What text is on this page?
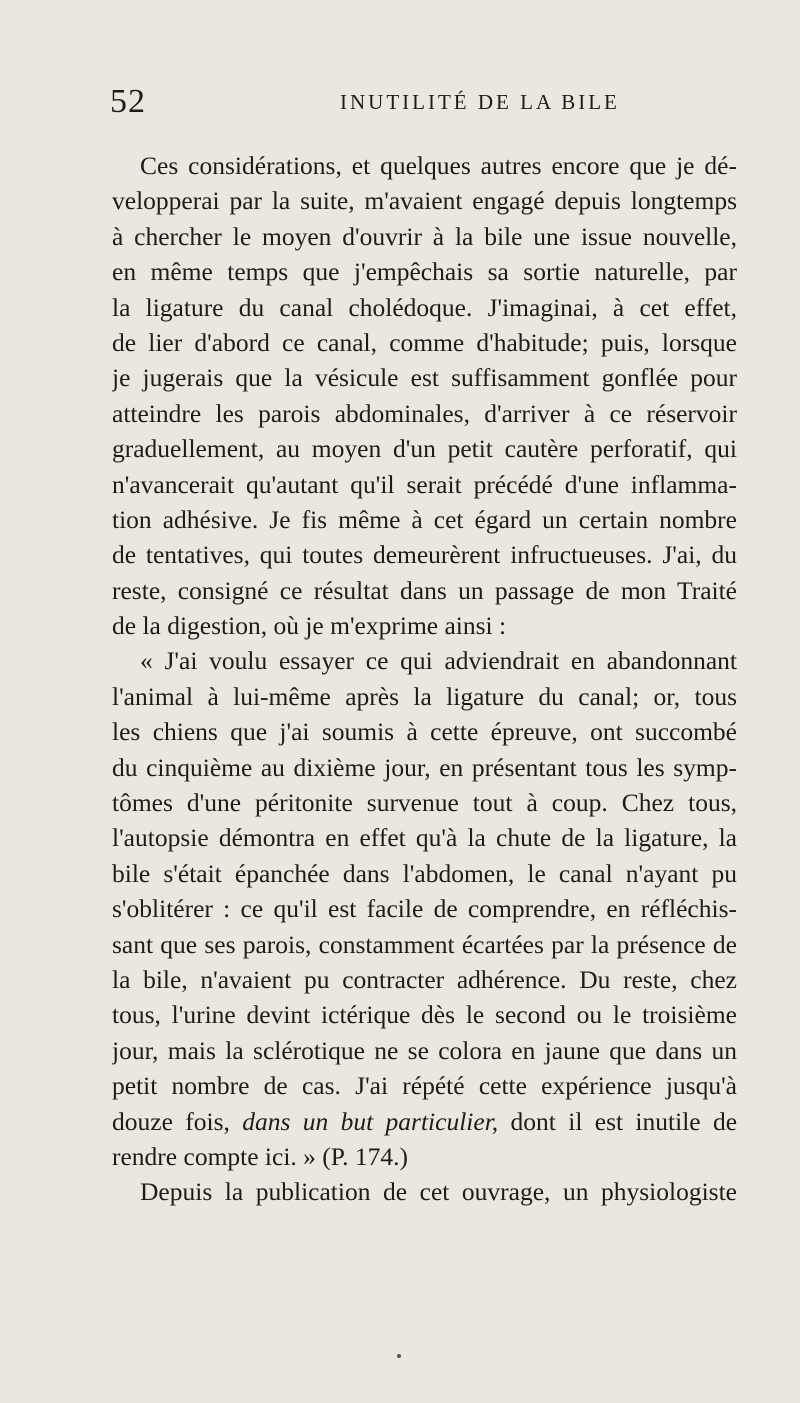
52	INUTILITÉ DE LA BILE
Ces considérations, et quelques autres encore que je dé-
velopperai par la suite, m'avaient engagé depuis longtemps
à chercher le moyen d'ouvrir à la bile une issue nouvelle,
en même temps que j'empêchais sa sortie naturelle, par
la ligature du canal cholédoque. J'imaginai, à cet effet,
de lier d'abord ce canal, comme d'habitude; puis, lorsque
je jugerais que la vésicule est suffisamment gonflée pour
atteindre les parois abdominales, d'arriver à ce réservoir
graduellement, au moyen d'un petit cautère perforatif, qui
n'avancerait qu'autant qu'il serait précédé d'une inflamma-
tion adhésive. Je fis même à cet égard un certain nombre
de tentatives, qui toutes demeurèrent infructueuses. J'ai, du
reste, consigné ce résultat dans un passage de mon Traité
de la digestion, où je m'exprime ainsi :
« J'ai voulu essayer ce qui adviendrait en abandonnant
l'animal à lui-même après la ligature du canal; or, tous
les chiens que j'ai soumis à cette épreuve, ont succombé
du cinquième au dixième jour, en présentant tous les symp-
tômes d'une péritonite survenue tout à coup. Chez tous,
l'autopsie démontra en effet qu'à la chute de la ligature, la
bile s'était épanchée dans l'abdomen, le canal n'ayant pu
s'oblitérer : ce qu'il est facile de comprendre, en réfléchis-
sant que ses parois, constamment écartées par la présence de
la bile, n'avaient pu contracter adhérence. Du reste, chez
tous, l'urine devint ictérique dès le second ou le troisième
jour, mais la sclérotique ne se colora en jaune que dans un
petit nombre de cas. J'ai répété cette expérience jusqu'à
douze fois, dans un but particulier, dont il est inutile de
rendre compte ici. » (P. 174.)
Depuis la publication de cet ouvrage, un physiologiste
